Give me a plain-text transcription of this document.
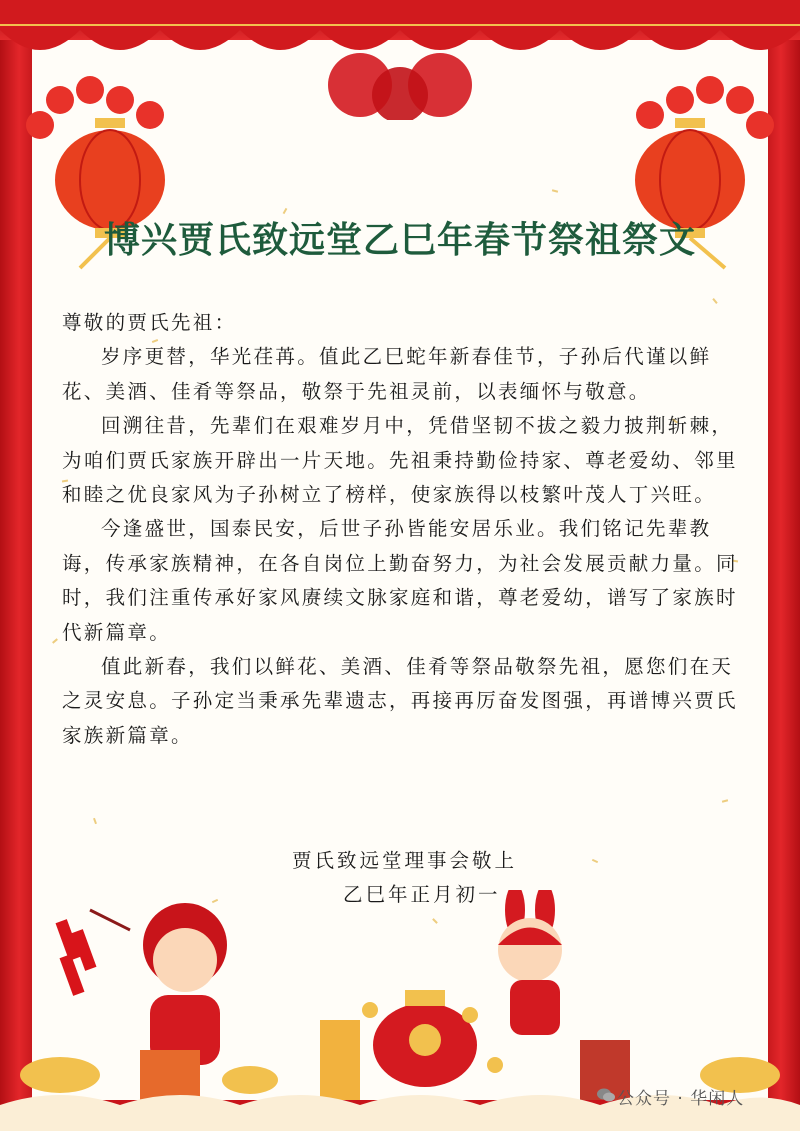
博兴贾氏致远堂乙巳年春节祭祖祭文

尊敬的贾氏先祖：

岁序更替，华光荏苒。值此乙巳蛇年新春佳节，子孙后代谨以鲜花、美酒、佳肴等祭品，敬祭于先祖灵前，以表缅怀与敬意。

回溯往昔，先辈们在艰难岁月中，凭借坚韧不拔之毅力披荆斩棘，为咱们贾氏家族开辟出一片天地。先祖秉持勤俭持家、尊老爱幼、邻里和睦之优良家风为子孙树立了榜样，使家族得以枝繁叶茂人丁兴旺。

今逢盛世，国泰民安，后世子孙皆能安居乐业。我们铭记先辈教诲，传承家族精神，在各自岗位上勤奋努力，为社会发展贡献力量。同时，我们注重传承好家风赓续文脉家庭和谐，尊老爱幼，谱写了家族时代新篇章。

值此新春，我们以鲜花、美酒、佳肴等祭品敬祭先祖，愿您们在天之灵安息。子孙定当秉承先辈遗志，再接再厉奋发图强，再谱博兴贾氏家族新篇章。

贾氏致远堂理事会敬上
乙巳年正月初一
公众号 · 华闲人
